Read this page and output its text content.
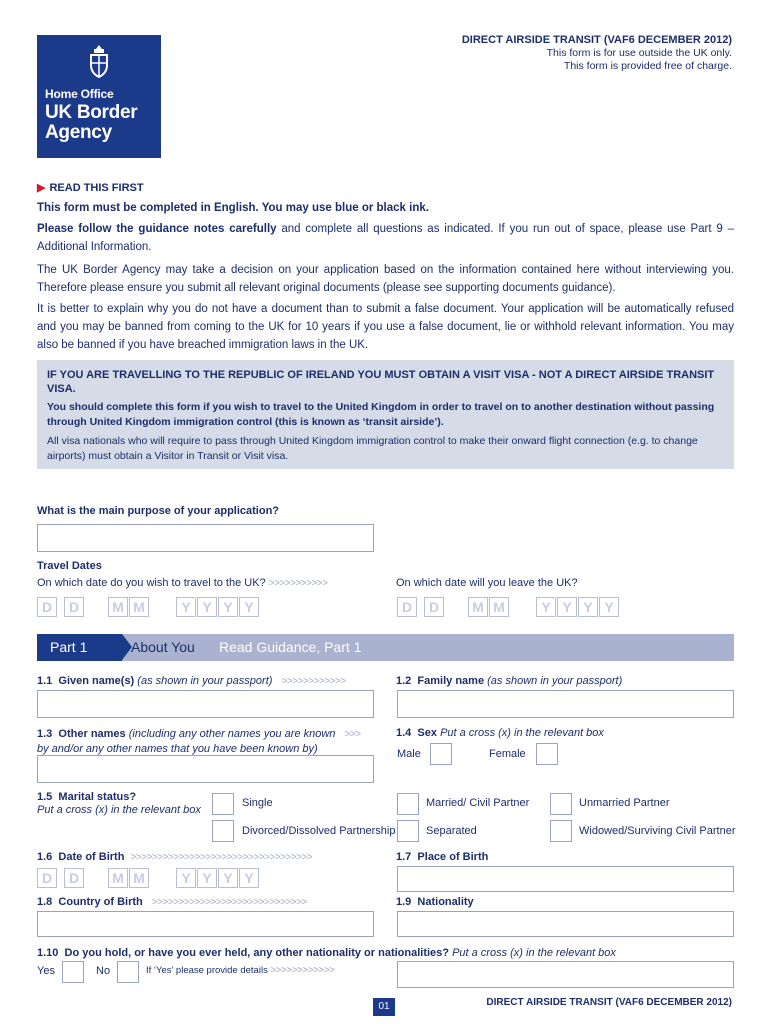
Home Office
UK Border
Agency
DIRECT AIRSIDE TRANSIT (VAF6 DECEMBER 2012)
This form is for use outside the UK only.
This form is provided free of charge.
▶ READ THIS FIRST
This form must be completed in English. You may use blue or black ink.
Please follow the guidance notes carefully and complete all questions as indicated. If you run out of space, please use Part 9 – Additional Information.
The UK Border Agency may take a decision on your application based on the information contained here without interviewing you. Therefore please ensure you submit all relevant original documents (please see supporting documents guidance).
It is better to explain why you do not have a document than to submit a false document. Your application will be automatically refused and you may be banned from coming to the UK for 10 years if you use a false document, lie or withhold relevant information. You may also be banned if you have breached immigration laws in the UK.
IF YOU ARE TRAVELLING TO THE REPUBLIC OF IRELAND YOU MUST OBTAIN A VISIT VISA - NOT A DIRECT AIRSIDE TRANSIT VISA.
You should complete this form if you wish to travel to the United Kingdom in order to travel on to another destination without passing through United Kingdom immigration control (this is known as ‘transit airside’).
All visa nationals who will require to pass through United Kingdom immigration control to make their onward flight connection (e.g. to change airports) must obtain a Visitor in Transit or Visit visa.
What is the main purpose of your application?
Travel Dates
On which date do you wish to travel to the UK? >>>>>>>>>>>	On which date will you leave the UK?
D	D	M M	Y Y Y Y	D	D	M M	Y Y Y Y
Part 1	About You Read Guidance, Part 1
1.1 Given name(s) (as shown in your passport) >>>>>>>>>>>>	1.2 Family name (as shown in your passport)
1.3 Other names (including any other names you are known >>>
by and/or any other names that you have been known by)
1.4 Sex Put a cross (x) in the relevant box
Male	Female
1.5 Marital status?
Put a cross (x) in the relevant box
Single	Married/ Civil Partner	Unmarried Partner
Divorced/Dissolved Partnership	Separated	Widowed/Surviving Civil Partner
1.6 Date of Birth >>>>>>>>>>>>>>>>>>>>>>>>>>>>>>>>>>
D	D	M M	Y Y Y Y
1.7 Place of Birth
1.8 Country of Birth >>>>>>>>>>>>>>>>>>>>>>>>>>>>>	1.9 Nationality
1.10 Do you hold, or have you ever held, any other nationality or nationalities? Put a cross (x) in the relevant box
Yes	No	If ‘Yes’ please provide details >>>>>>>>>>>>
01	DIRECT AIRSIDE TRANSIT (VAF6 DECEMBER 2012)
